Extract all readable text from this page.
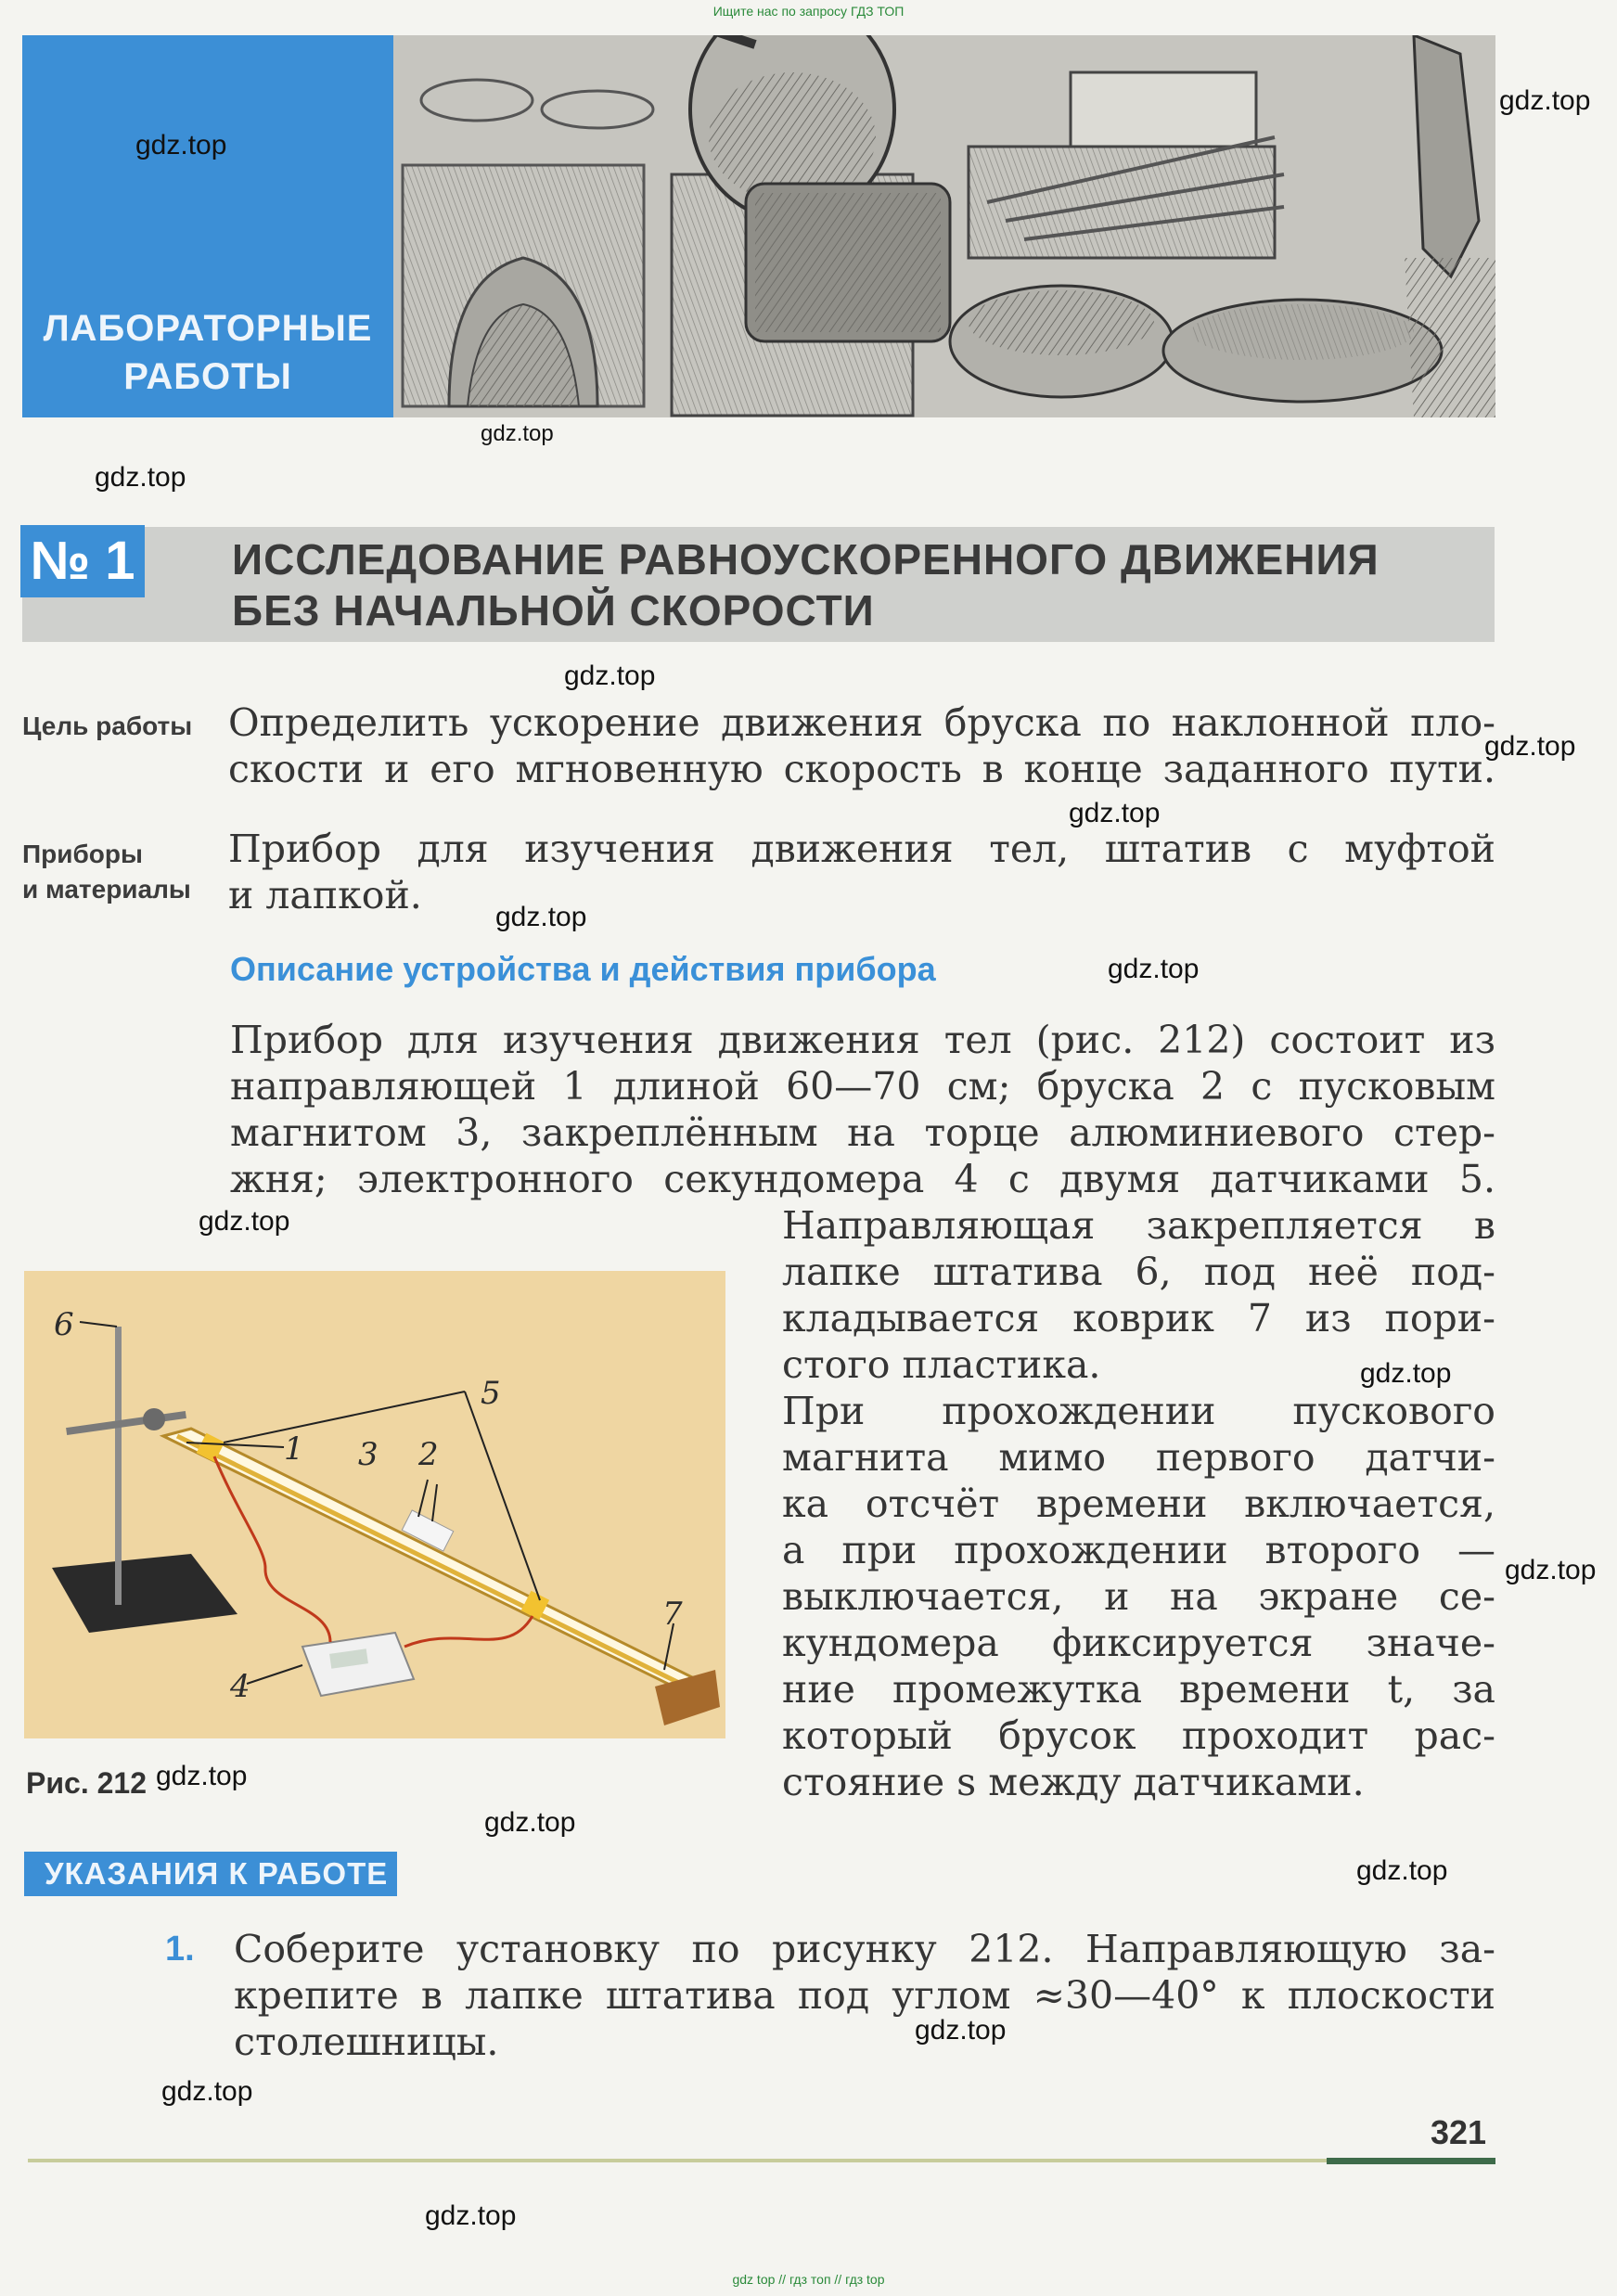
Ищите нас по запросу ГДЗ ТОП
gdz top // гдз топ // гдз top
ЛАБОРАТОРНЫЕ
РАБОТЫ
ИССЛЕДОВАНИЕ РАВНОУСКОРЕННОГО ДВИЖЕНИЯ
БЕЗ НАЧАЛЬНОЙ СКОРОСТИ
№ 1
Цель работы Определить ускорение движения бруска по наклонной пло-
скости и его мгновенную скорость в конце заданного пути.
Приборы
и материалы
Прибор для изучения движения тел, штатив с муфтой
и лапкой.
Описание устройства и действия прибора
Прибор для изучения движения тел (рис. 212) состоит из
направляющей 1 длиной 60—70 см; бруска 2 с пусковым
магнитом 3, закреплённым на торце алюминиевого стер-
жня; электронного секундомера 4 с двумя датчиками 5.
Направляющая закрепляется в
лапке штатива 6, под неё под-
кладывается коврик 7 из пори-
стого пластика.
При прохождении пускового
магнита мимо первого датчи-
ка отсчёт времени включается,
а при прохождении второго —
выключается, и на экране се-
кундомера фиксируется значе-
ние промежутка времени t, за
который брусок проходит рас-
стояние s между датчиками.
1	2
3
4
5
6
7
Рис. 212
УКАЗАНИЯ К РАБОТЕ
1. Соберите установку по рисунку 212. Направляющую за-
крепите в лапке штатива под углом ≈30—40° к плоскости
столешницы.
321
gdz.top
gdz.top
gdz.top
gdz.top
gdz.top
gdz.top
gdz.top
gdz.top
gdz.top
gdz.top
gdz.top
gdz.top
gdz.top
gdz.top
gdz.top
gdz.top
gdz.top
gdz.top
